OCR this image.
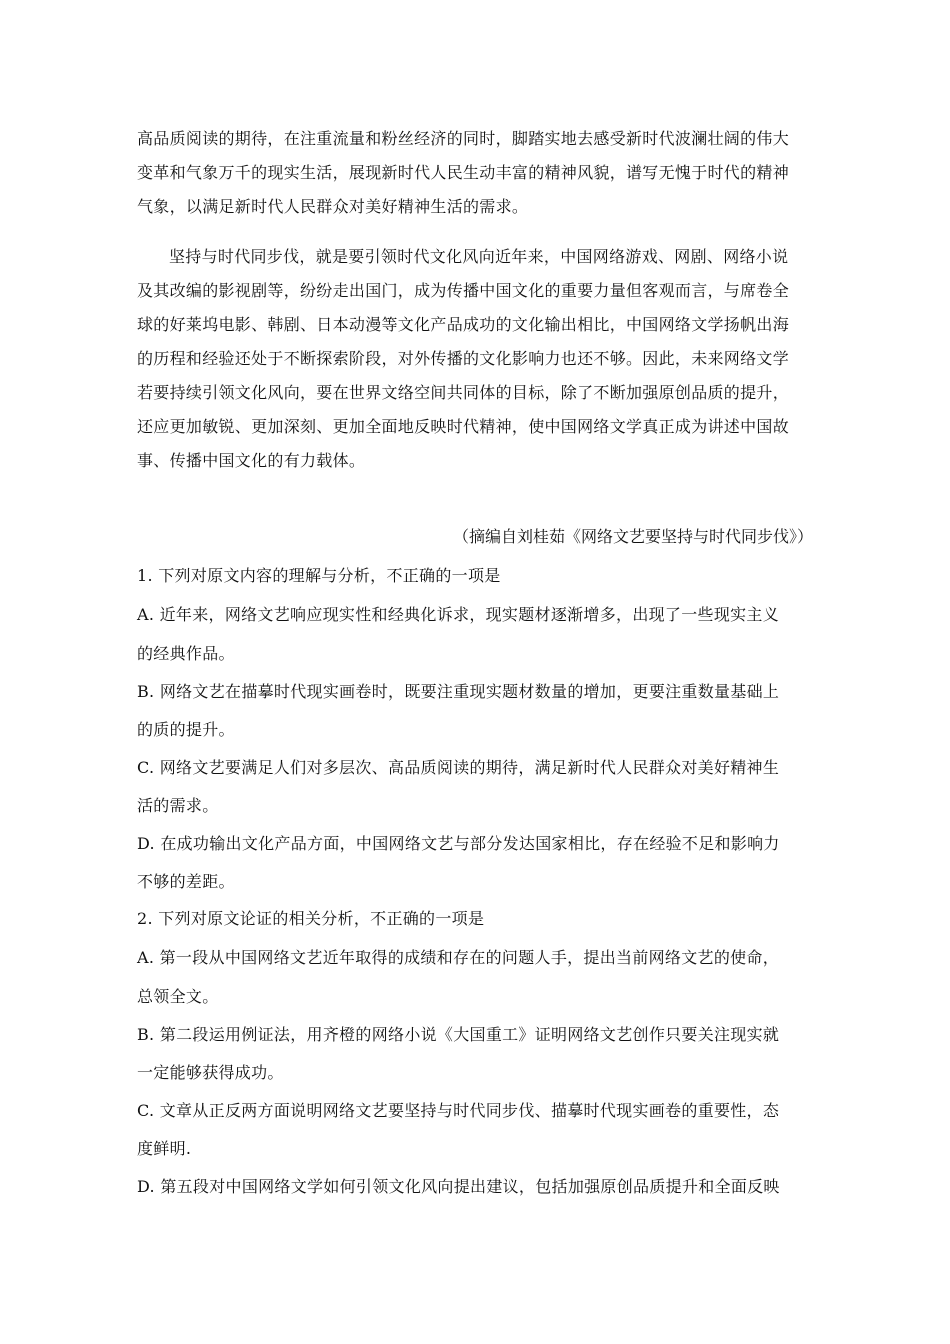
高品质阅读的期待，在注重流量和粉丝经济的同时，脚踏实地去感受新时代波澜壮阔的伟大
变革和气象万千的现实生活，展现新时代人民生动丰富的精神风貌，谱写无愧于时代的精神
气象，以满足新时代人民群众对美好精神生活的需求。
坚持与时代同步伐，就是要引领时代文化风向近年来，中国网络游戏、网剧、网络小说
及其改编的影视剧等，纷纷走出国门，成为传播中国文化的重要力量但客观而言，与席卷全
球的好莱坞电影、韩剧、日本动漫等文化产品成功的文化输出相比，中国网络文学扬帆出海
的历程和经验还处于不断探索阶段，对外传播的文化影响力也还不够。因此，未来网络文学
若要持续引领文化风向，要在世界文络空间共同体的目标，除了不断加强原创品质的提升，
还应更加敏锐、更加深刻、更加全面地反映时代精神，使中国网络文学真正成为讲述中国故
事、传播中国文化的有力载体。
（摘编自刘桂茹《网络文艺要坚持与时代同步伐》）
1. 下列对原文内容的理解与分析，不正确的一项是
A. 近年来，网络文艺响应现实性和经典化诉求，现实题材逐渐增多，出现了一些现实主义
的经典作品。
B. 网络文艺在描摹时代现实画卷时，既要注重现实题材数量的增加，更要注重数量基础上
的质的提升。
C. 网络文艺要满足人们对多层次、高品质阅读的期待，满足新时代人民群众对美好精神生
活的需求。
D. 在成功输出文化产品方面，中国网络文艺与部分发达国家相比，存在经验不足和影响力
不够的差距。
2. 下列对原文论证的相关分析，不正确的一项是
A. 第一段从中国网络文艺近年取得的成绩和存在的问题人手，提出当前网络文艺的使命，
总领全文。
B. 第二段运用例证法，用齐橙的网络小说《大国重工》证明网络文艺创作只要关注现实就
一定能够获得成功。
C. 文章从正反两方面说明网络文艺要坚持与时代同步伐、描摹时代现实画卷的重要性，态
度鲜明.
D. 第五段对中国网络文学如何引领文化风向提出建议，包括加强原创品质提升和全面反映
